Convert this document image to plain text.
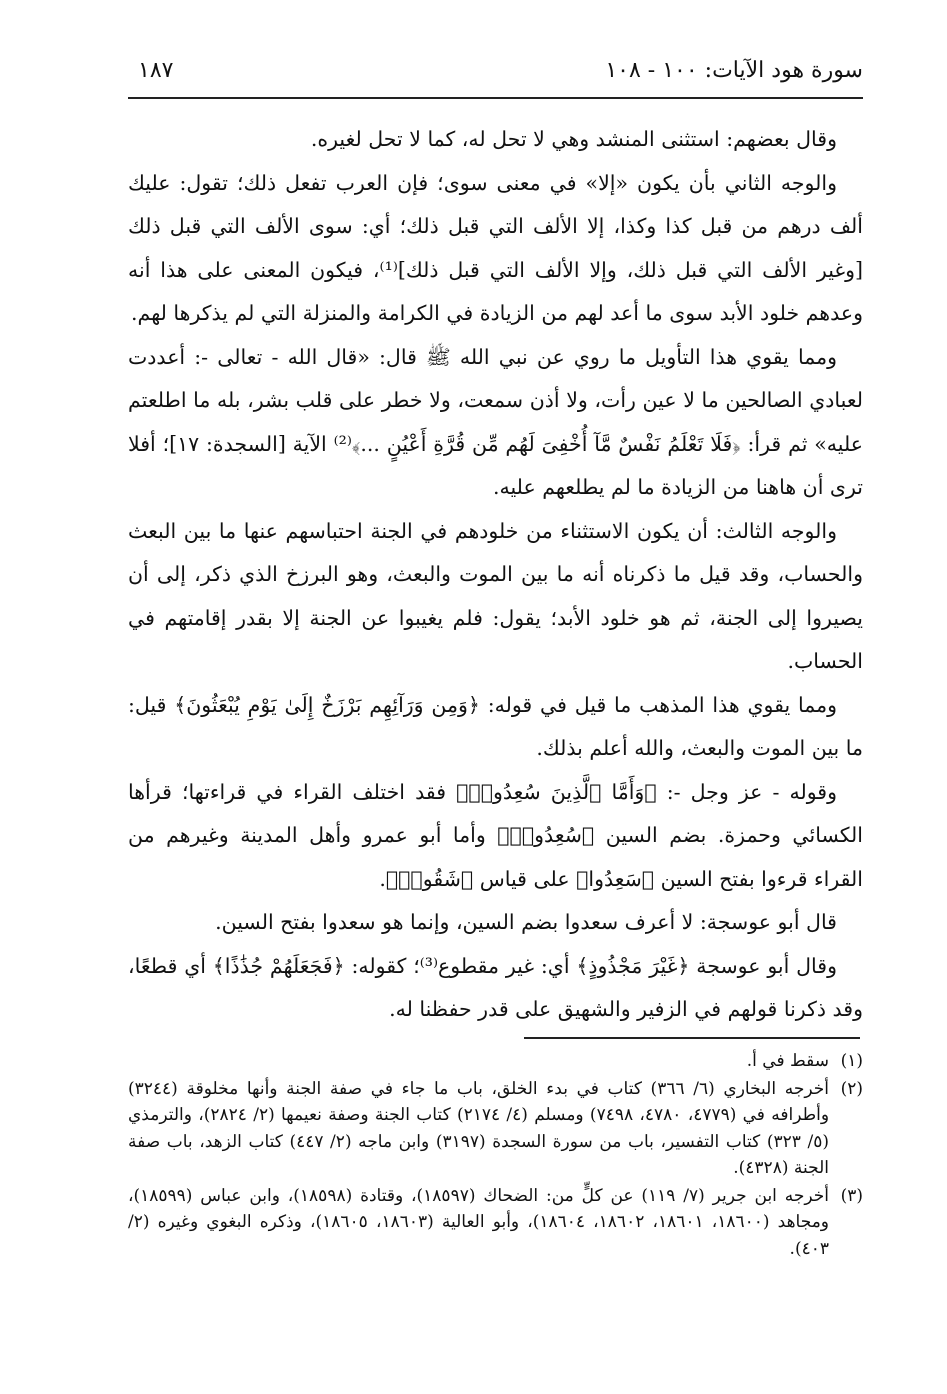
سورة هود الآيات: ١٠٠ - ١٠٨
١٨٧

وقال بعضهم: استثنى المنشد وهي لا تحل له، كما لا تحل لغيره.

والوجه الثاني بأن يكون «إلا» في معنى سوى؛ فإن العرب تفعل ذلك؛ تقول: عليك ألف درهم من قبل كذا وكذا، إلا الألف التي قبل ذلك؛ أي: سوى الألف التي قبل ذلك [وغير الألف التي قبل ذلك، وإلا الألف التي قبل ذلك]⁽¹⁾، فيكون المعنى على هذا أنه وعدهم خلود الأبد سوى ما أعد لهم من الزيادة في الكرامة والمنزلة التي لم يذكرها لهم.

ومما يقوي هذا التأويل ما روي عن نبي الله ﷺ قال: «قال الله - تعالى -: أعددت لعبادي الصالحين ما لا عين رأت، ولا أذن سمعت، ولا خطر على قلب بشر، بله ما اطلعتم عليه» ثم قرأ: ﴿فَلَا تَعْلَمُ نَفْسٌ مَّآ أُخْفِىَ لَهُم مِّن قُرَّةِ أَعْيُنٍ ...﴾⁽²⁾ الآية [السجدة: ١٧]؛ أفلا ترى أن هاهنا من الزيادة ما لم يطلعهم عليه.

والوجه الثالث: أن يكون الاستثناء من خلودهم في الجنة احتباسهم عنها ما بين البعث والحساب، وقد قيل ما ذكرناه أنه ما بين الموت والبعث، وهو البرزخ الذي ذكر، إلى أن يصيروا إلى الجنة، ثم هو خلود الأبد؛ يقول: فلم يغيبوا عن الجنة إلا بقدر إقامتهم في الحساب.

ومما يقوي هذا المذهب ما قيل في قوله: ﴿وَمِن وَرَآئِهِم بَرْزَخٌ إِلَىٰ يَوْمِ يُبْعَثُونَ﴾ قيل: ما بين الموت والبعث، والله أعلم بذلك.

وقوله - عز وجل -: ﴿وَأَمَّا ٱلَّذِينَ سُعِدُوا۟﴾ فقد اختلف القراء في قراءتها؛ قرأها الكسائي وحمزة. بضم السين ﴿سُعِدُوا۟﴾ وأما أبو عمرو وأهل المدينة وغيرهم من القراء قرءوا بفتح السين ﴿سَعِدُوا﴾ على قياس ﴿شَقُوا۟﴾.

قال أبو عوسجة: لا أعرف سعدوا بضم السين، وإنما هو سعدوا بفتح السين.

وقال أبو عوسجة ﴿غَيْرَ مَجْذُوذٍ﴾ أي: غير مقطوع⁽³⁾؛ كقوله: ﴿فَجَعَلَهُمْ جُذَٰذًا﴾ أي قطعًا، وقد ذكرنا قولهم في الزفير والشهيق على قدر حفظنا له.

(١)
سقط في أ.
(٢)
أخرجه البخاري (٦/ ٣٦٦) كتاب في بدء الخلق، باب ما جاء في صفة الجنة وأنها مخلوقة (٣٢٤٤) وأطرافه في (٤٧٧٩، ٤٧٨٠، ٧٤٩٨) ومسلم (٤/ ٢١٧٤) كتاب الجنة وصفة نعيمها (٢/ ٢٨٢٤)، والترمذي (٥/ ٣٢٣) كتاب التفسير، باب من سورة السجدة (٣١٩٧) وابن ماجه (٢/ ٤٤٧) كتاب الزهد، باب صفة الجنة (٤٣٢٨).
(٣)
أخرجه ابن جرير (٧/ ١١٩) عن كلٍّ من: الضحاك (١٨٥٩٧)، وقتادة (١٨٥٩٨)، وابن عباس (١٨٥٩٩)، ومجاهد (١٨٦٠٠، ١٨٦٠١، ١٨٦٠٢، ١٨٦٠٤)، وأبو العالية (١٨٦٠٣، ١٨٦٠٥)، وذكره البغوي وغيره (٢/ ٤٠٣).
